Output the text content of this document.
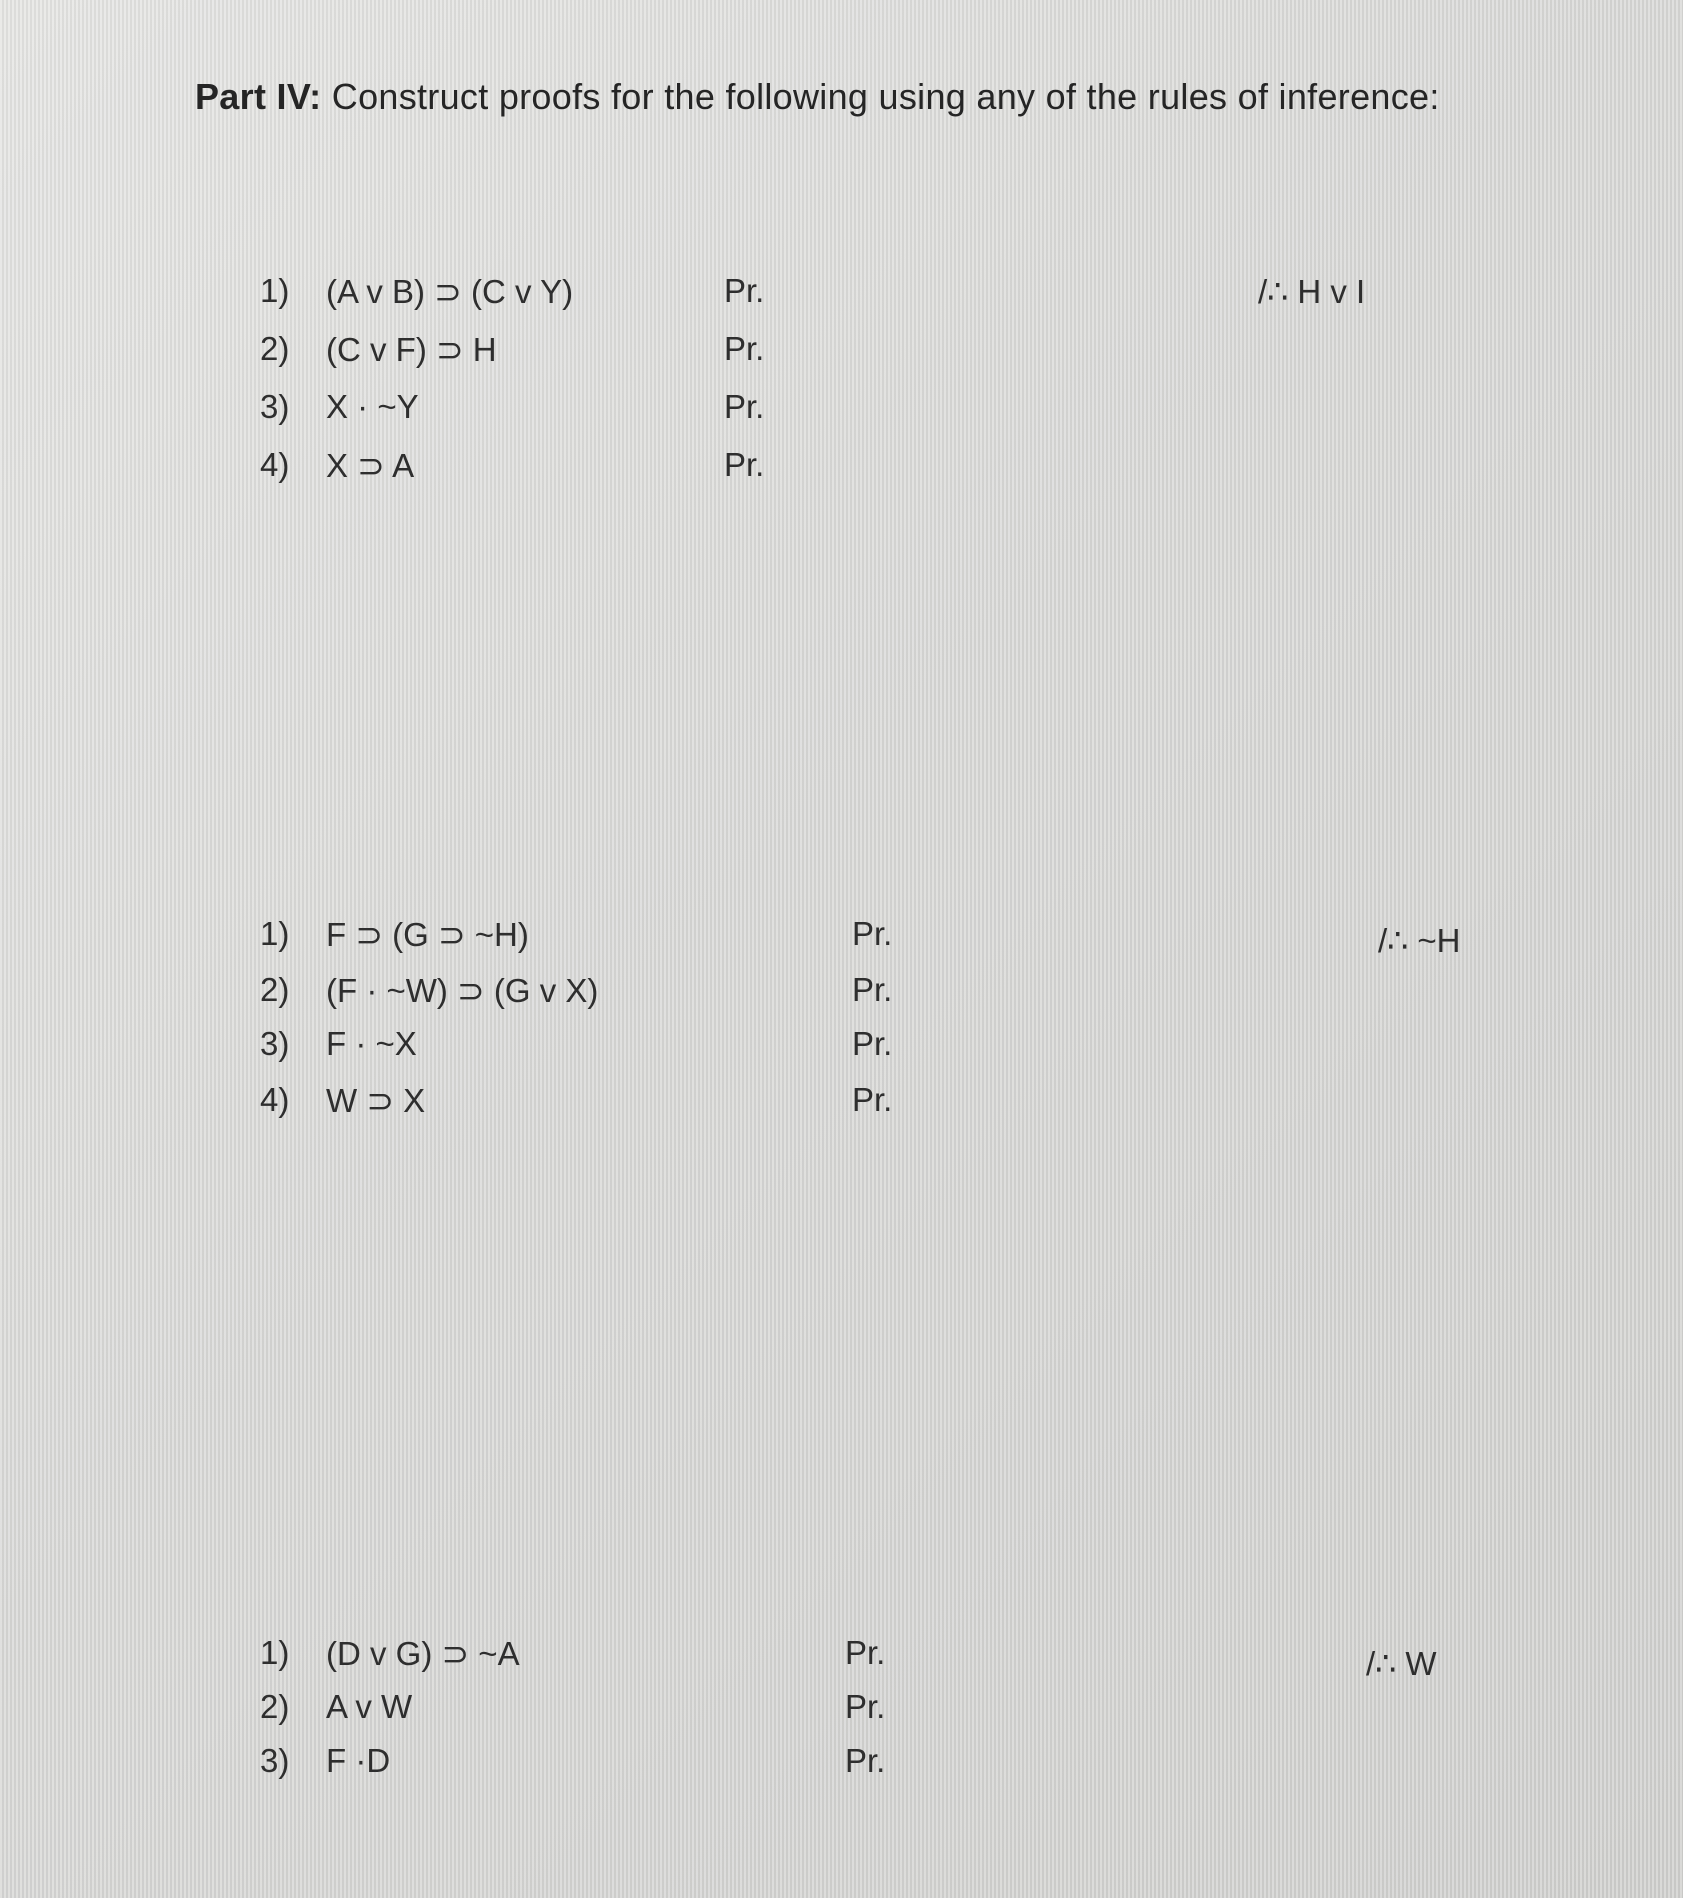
Part IV: Construct proofs for the following using any of the rules of inference:
1) (A v B) ⊃ (C v Y)	Pr.
2) (C v F) ⊃ H	Pr.
3) X · ~Y	Pr.
4) X ⊃ A	Pr.
/∴ H v I
1) F ⊃ (G ⊃ ~H)	Pr.
2) (F · ~W) ⊃ (G v X)	Pr.
3) F · ~X	Pr.
4) W ⊃ X	Pr.
/∴ ~H
1) (D v G) ⊃ ~A	Pr.
2) A v W	Pr.
3) F ·D	Pr.
/∴ W
